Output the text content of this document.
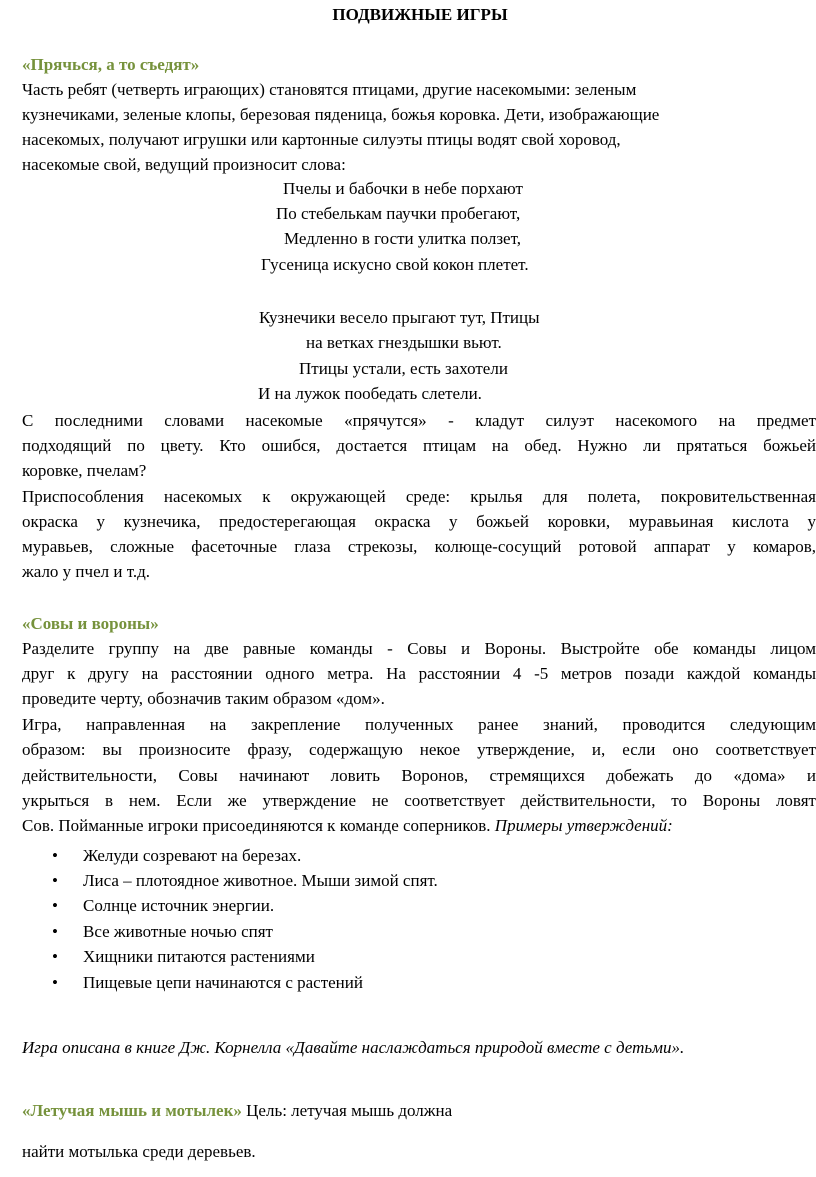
ПОДВИЖНЫЕ ИГРЫ
«Прячься, а то съедят»
Часть ребят (четверть играющих) становятся птицами, другие насекомыми: зеленым
кузнечиками, зеленые клопы, березовая пяденица, божья коровка. Дети, изображающие
насекомых, получают игрушки или картонные силуэты птицы водят свой хоровод,
насекомые свой, ведущий произносит слова:
Пчелы и бабочки в небе порхают
По стебелькам паучки пробегают,
Медленно в гости улитка ползет,
Гусеница искусно свой кокон плетет.
Кузнечики весело прыгают тут, Птицы
на ветках гнездышки вьют.
Птицы устали, есть захотели
И на лужок пообедать слетели.
С последними словами насекомые «прячутся» - кладут силуэт насекомого на предмет
подходящий по цвету. Кто ошибся, достается птицам на обед. Нужно ли прятаться божьей
коровке, пчелам?
Приспособления насекомых к окружающей среде: крылья для полета, покровительственная
окраска у кузнечика, предостерегающая окраска у божьей коровки, муравьиная кислота у
муравьев, сложные фасеточные глаза стрекозы, колюще-сосущий ротовой аппарат у комаров,
жало у пчел и т.д.
«Совы и вороны»
Разделите группу на две равные команды - Совы и Вороны. Выстройте обе команды лицом
друг к другу на расстоянии одного метра. На расстоянии 4 -5 метров позади каждой команды
проведите черту, обозначив таким образом «дом».
Игра, направленная на закрепление полученных ранее знаний, проводится следующим
образом: вы произносите фразу, содержащую некое утверждение, и, если оно соответствует
действительности, Совы начинают ловить Воронов, стремящихся добежать до «дома» и
укрыться в нем. Если же утверждение не соответствует действительности, то Вороны ловят
Сов. Пойманные игроки присоединяются к команде соперников. Примеры утверждений:
• Желуди созревают на березах.
• Лиса – плотоядное животное. Мыши зимой спят.
• Солнце источник энергии.
• Все животные ночью спят
• Хищники питаются растениями
• Пищевые цепи начинаются с растений
Игра описана в книге Дж. Корнелла «Давайте наслаждаться природой вместе с детьми».
«Летучая мышь и мотылек» Цель: летучая мышь должна
найти мотылька среди деревьев.
